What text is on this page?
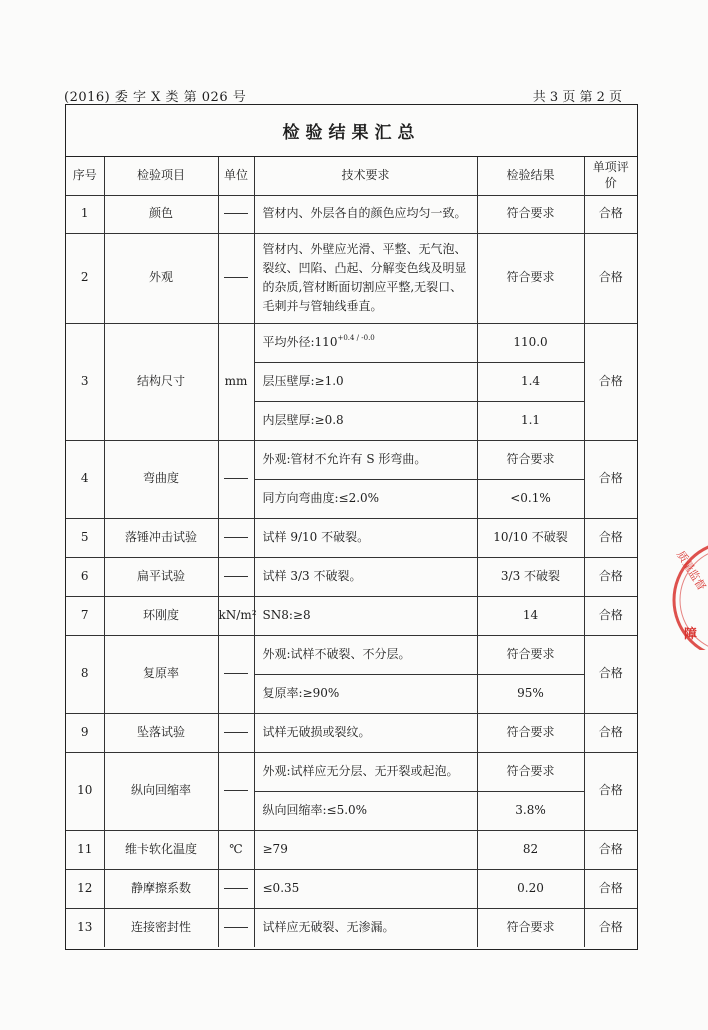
(2016) 委 字 X 类 第 026 号	共 3 页 第 2 页
检验结果汇总
序号	检验项目	单位	技术要求	检验结果	单项评价
1	颜色		管材内、外层各自的颜色应均匀一致。	符合要求	合格
2	外观		管材内、外壁应光滑、平整、无气泡、裂纹、凹陷、凸起、分解变色线及明显的杂质,管材断面切割应平整,无裂口、毛刺并与管轴线垂直。	符合要求	合格
3	结构尺寸	mm	平均外径$:110^{+0.4 / -0.0}$	110.0	合格
			层压壁厚:≥1.0	1.4	
			内层壁厚:≥0.8	1.1	
4	弯曲度		外观:管材不允许有 S 形弯曲。	符合要求	合格
			同方向弯曲度:≤2.0%	<0.1%	
5	落锤冲击试验		试样 9/10 不破裂。	10/10 不破裂	合格
6	扁平试验		试样 3/3 不破裂。	3/3 不破裂	合格
7	环刚度	kN/m²	SN8:≥8	14	合格
8	复原率		外观:试样不破裂、不分层。	符合要求	合格
			复原率:≥90%	95%	
9	坠落试验		试样无破损或裂纹。	符合要求	合格
10	纵向回缩率		外观:试样应无分层、无开裂或起泡。	符合要求	合格
			纵向回缩率:≤5.0%	3.8%	
11	维卡软化温度	℃	≥79	82	合格
12	静摩擦系数		≤0.35	0.20	合格
13	连接密封性		试样应无破裂、无渗漏。	符合要求	合格
质量监督
障
